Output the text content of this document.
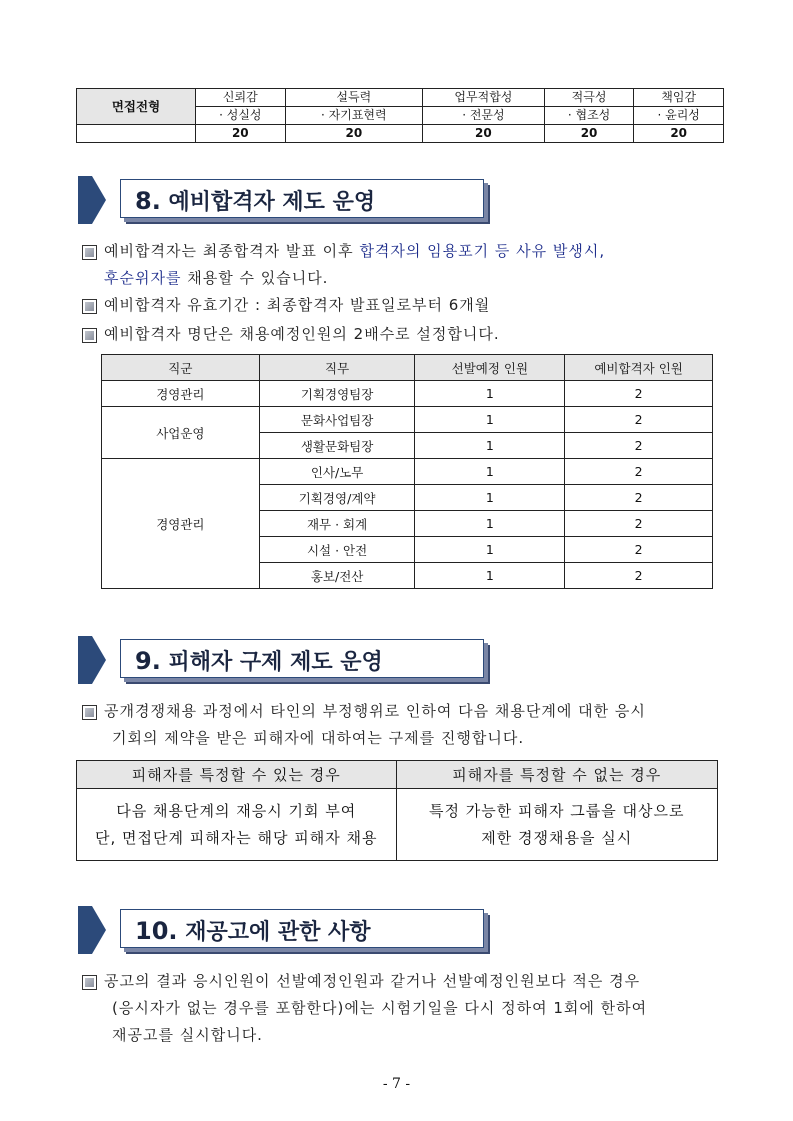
면접전형	신뢰감	설득력	업무적합성	적극성	책임감
	· 성실성	· 자기표현력	· 전문성	· 협조성	· 윤리성
	20	20	20	20	20
8. 예비합격자 제도 운영
예비합격자는 최종합격자 발표 이후 합격자의 임용포기 등 사유 발생시,
후순위자를 채용할 수 있습니다.
예비합격자 유효기간 : 최종합격자 발표일로부터 6개월
예비합격자 명단은 채용예정인원의 2배수로 설정합니다.
직군	직무	선발예정 인원	예비합격자 인원
경영관리	기획경영팀장	1	2
사업운영	문화사업팀장	1	2
	생활문화팀장	1	2
경영관리	인사/노무	1	2
	기획경영/계약	1	2
	재무 · 회계	1	2
	시설 · 안전	1	2
	홍보/전산	1	2
9. 피해자 구제 제도 운영
공개경쟁채용 과정에서 타인의 부정행위로 인하여 다음 채용단계에 대한 응시
기회의 제약을 받은 피해자에 대하여는 구제를 진행합니다.
피해자를 특정할 수 있는 경우	피해자를 특정할 수 없는 경우
다음 채용단계의 재응시 기회 부여
단, 면접단계 피해자는 해당 피해자 채용	특정 가능한 피해자 그룹을 대상으로
제한 경쟁채용을 실시
10. 재공고에 관한 사항
공고의 결과 응시인원이 선발예정인원과 같거나 선발예정인원보다 적은 경우
(응시자가 없는 경우를 포함한다)에는 시험기일을 다시 정하여 1회에 한하여
재공고를 실시합니다.
- 7 -
